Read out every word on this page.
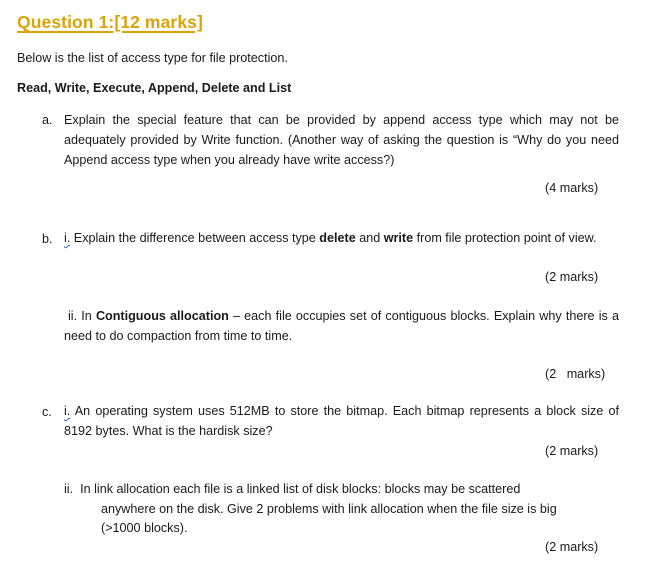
Question 1:[12 marks]
Below is the list of access type for file protection.
Read, Write, Execute, Append, Delete and List
a. Explain the special feature that can be provided by append access type which may not be adequately provided by Write function. (Another way of asking the question is “Why do you need Append access type when you already have write access?)
(4 marks)
b. i. Explain the difference between access type delete and write from file protection point of view.
(2 marks)
ii. In Contiguous allocation – each file occupies set of contiguous blocks. Explain why there is a need to do compaction from time to time.
(2   marks)
c. i. An operating system uses 512MB to store the bitmap. Each bitmap represents a block size of 8192 bytes. What is the hardisk size?
(2 marks)
ii.  In link allocation each file is a linked list of disk blocks: blocks may be scattered
anywhere on the disk. Give 2 problems with link allocation when the file size is big
(>1000 blocks).
(2 marks)
